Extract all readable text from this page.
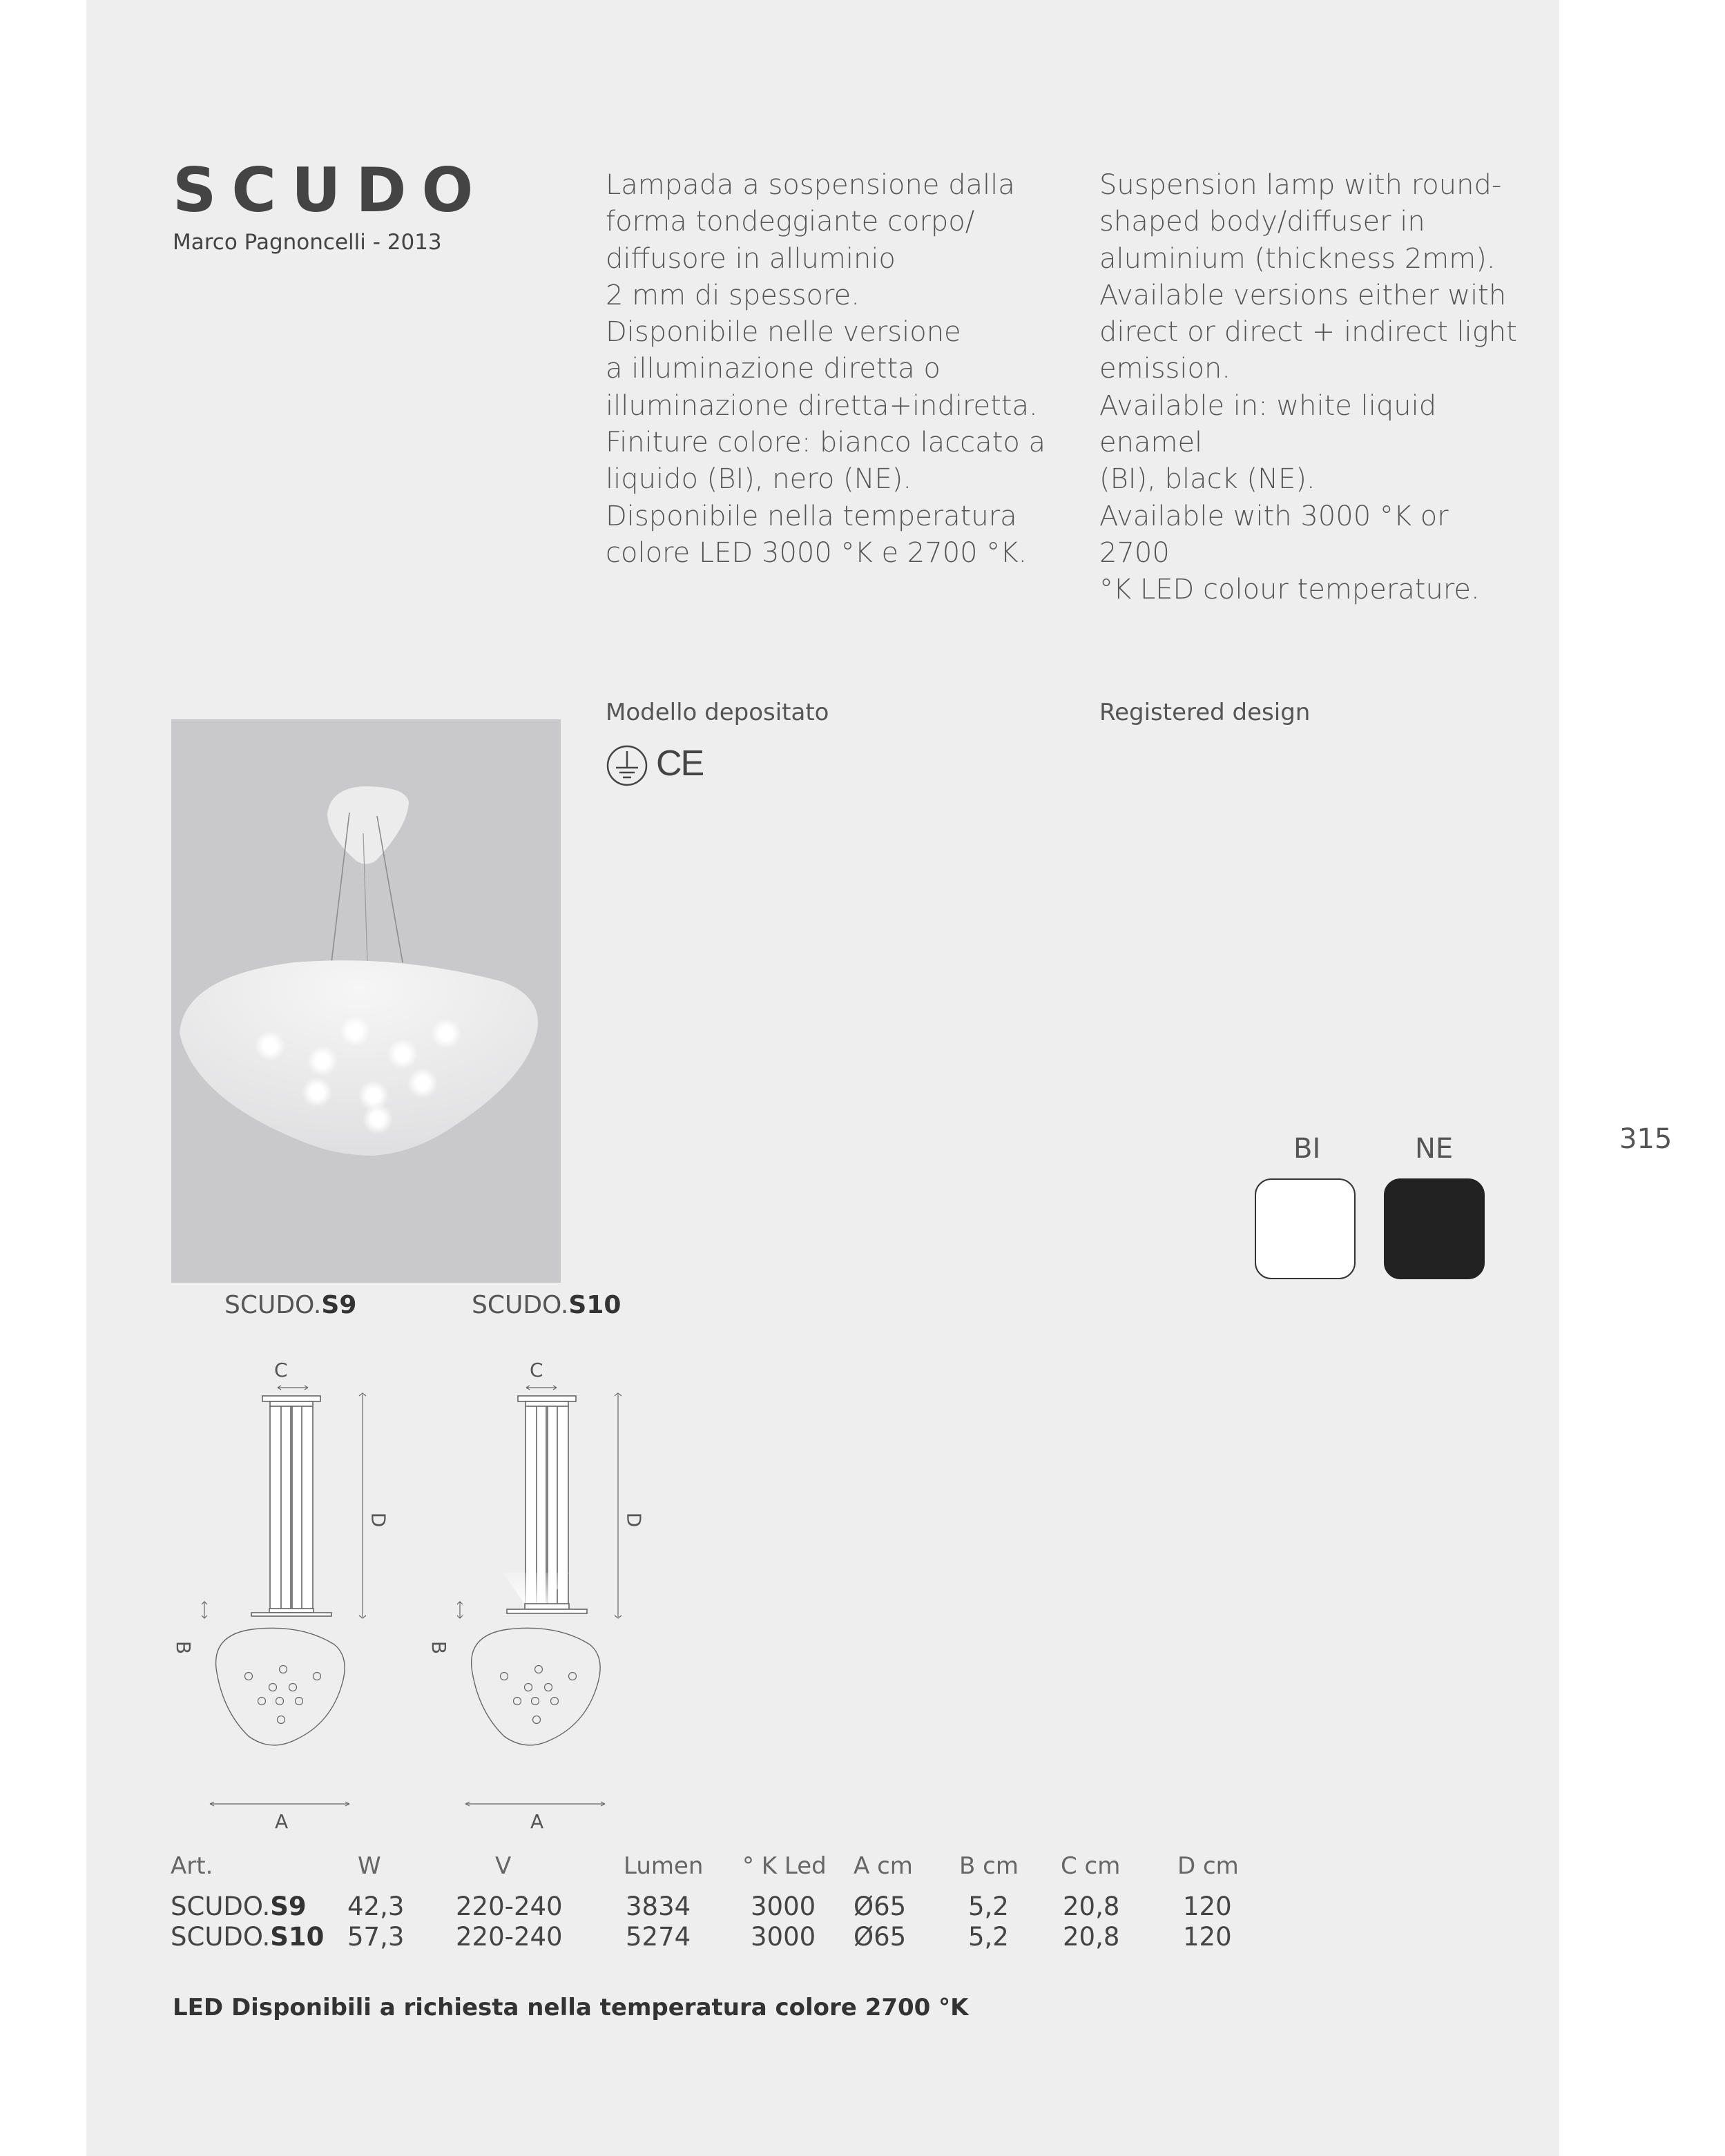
SCUDO
Marco Pagnoncelli - 2013
Lampada a sospensione dalla
forma tondeggiante corpo/
diffusore in alluminio
2 mm di spessore.
Disponibile nelle versione
a illuminazione diretta o
illuminazione diretta+indiretta.
Finiture colore: bianco laccato a
liquido (BI), nero (NE).
Disponibile nella temperatura
colore LED 3000 °K e 2700 °K.
Suspension lamp with round-
shaped body/diffuser in
aluminium (thickness 2mm).
Available versions either with
direct or direct + indirect light
emission.
Available in: white liquid enamel
(BI), black (NE).
Available with 3000 °K or 2700
°K LED colour temperature.
Modello depositato	Registered design
CE
BI	NE	315
SCUDO.S9	SCUDO.S10
C
D
B
A
C
D
B
A
Art.	W	V	Lumen ° K Led A cm B cm C cm D cm
SCUDO.S9 42,3 220-240 3834 3000 Ø65 5,2 20,8 120
SCUDO.S10 57,3 220-240 5274 3000 Ø65 5,2 20,8 120
LED Disponibili a richiesta nella temperatura colore 2700 °K
